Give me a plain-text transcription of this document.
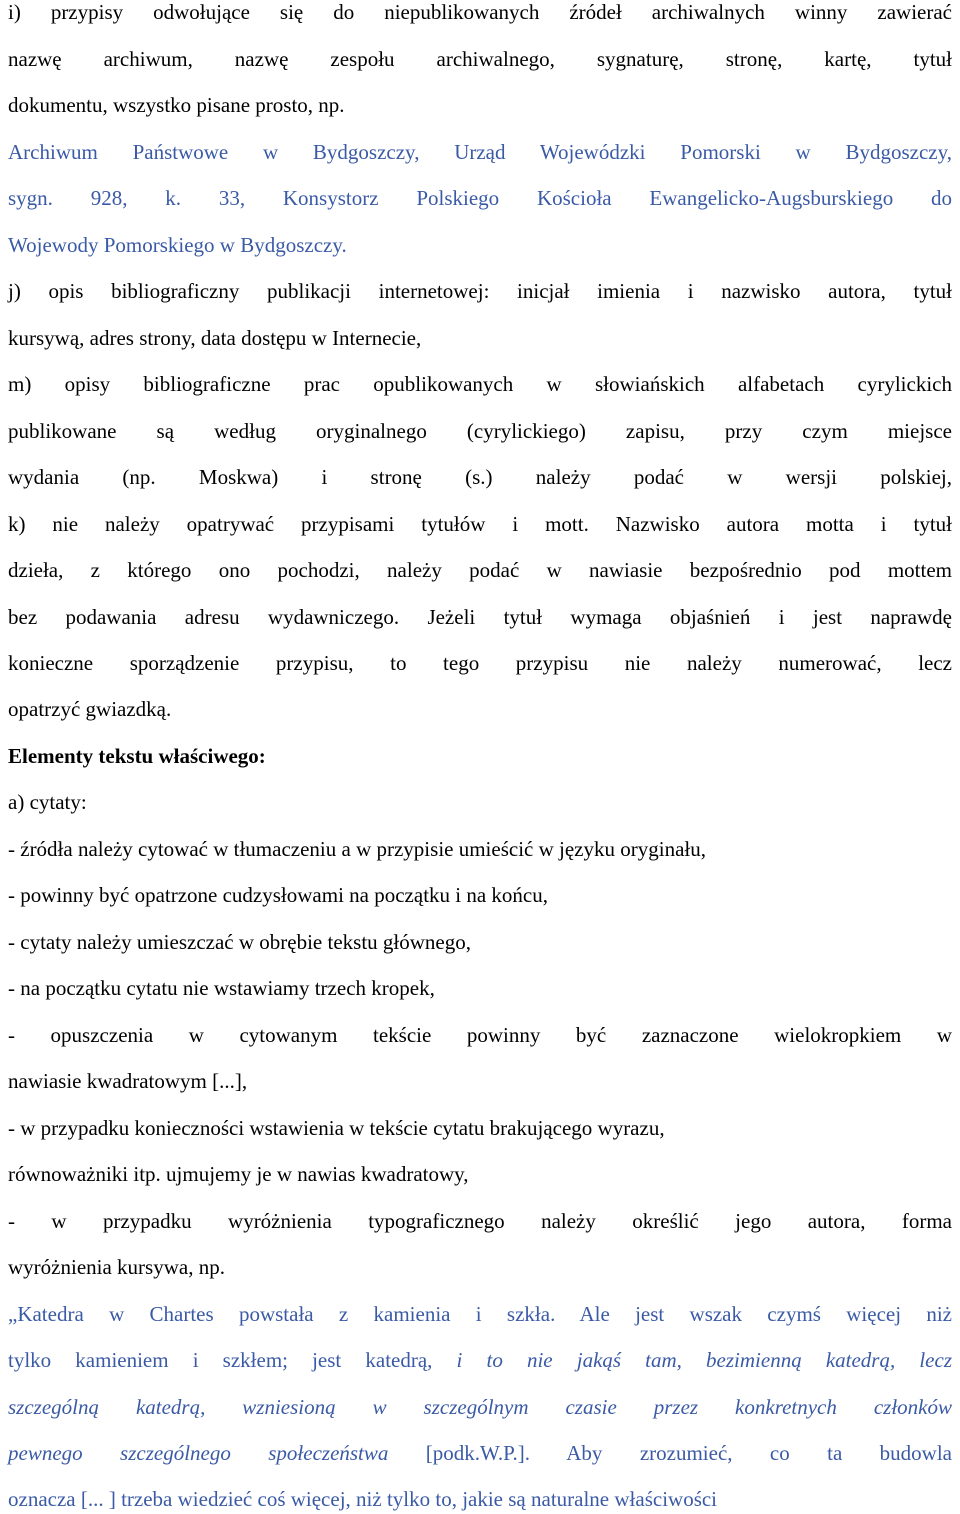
i) przypisy odwołujące się do niepublikowanych źródeł archiwalnych winny zawierać
nazwę archiwum, nazwę zespołu archiwalnego, sygnaturę, stronę, kartę, tytuł
dokumentu, wszystko pisane prosto, np.
Archiwum Państwowe w Bydgoszczy, Urząd Wojewódzki Pomorski w Bydgoszczy,
sygn. 928, k. 33, Konsystorz Polskiego Kościoła Ewangelicko-Augsburskiego do
Wojewody Pomorskiego w Bydgoszczy.
j) opis bibliograficzny publikacji internetowej: inicjał imienia i nazwisko autora, tytuł
kursywą, adres strony, data dostępu w Internecie,
m) opisy bibliograficzne prac opublikowanych w słowiańskich alfabetach cyrylickich
publikowane są według oryginalnego (cyrylickiego) zapisu, przy czym miejsce
wydania (np. Moskwa) i stronę (s.) należy podać w wersji polskiej,
k) nie należy opatrywać przypisami tytułów i mott. Nazwisko autora motta i tytuł
dzieła, z którego ono pochodzi, należy podać w nawiasie bezpośrednio pod mottem
bez podawania adresu wydawniczego. Jeżeli tytuł wymaga objaśnień i jest naprawdę
konieczne sporządzenie przypisu, to tego przypisu nie należy numerować, lecz
opatrzyć gwiazdką.
Elementy tekstu właściwego:
a) cytaty:
- źródła należy cytować w tłumaczeniu a w przypisie umieścić w języku oryginału,
- powinny być opatrzone cudzysłowami na początku i na końcu,
- cytaty należy umieszczać w obrębie tekstu głównego,
- na początku cytatu nie wstawiamy trzech kropek,
- opuszczenia w cytowanym tekście powinny być zaznaczone wielokropkiem w
nawiasie kwadratowym [...],
- w przypadku konieczności wstawienia w tekście cytatu brakującego wyrazu,
równoważniki itp. ujmujemy je w nawias kwadratowy,
- w przypadku wyróżnienia typograficznego należy określić jego autora, forma
wyróżnienia kursywa, np.
„Katedra w Chartes powstała z kamienia i szkła. Ale jest wszak czymś więcej niż
tylko kamieniem i szkłem; jest katedrą, i to nie jakąś tam, bezimienną katedrą, lecz
szczególną katedrą, wzniesioną w szczególnym czasie przez konkretnych członków
pewnego szczególnego społeczeństwa [podk.W.P.]. Aby zrozumieć, co ta budowla
oznacza [... ] trzeba wiedzieć coś więcej, niż tylko to, jakie są naturalne właściwości
